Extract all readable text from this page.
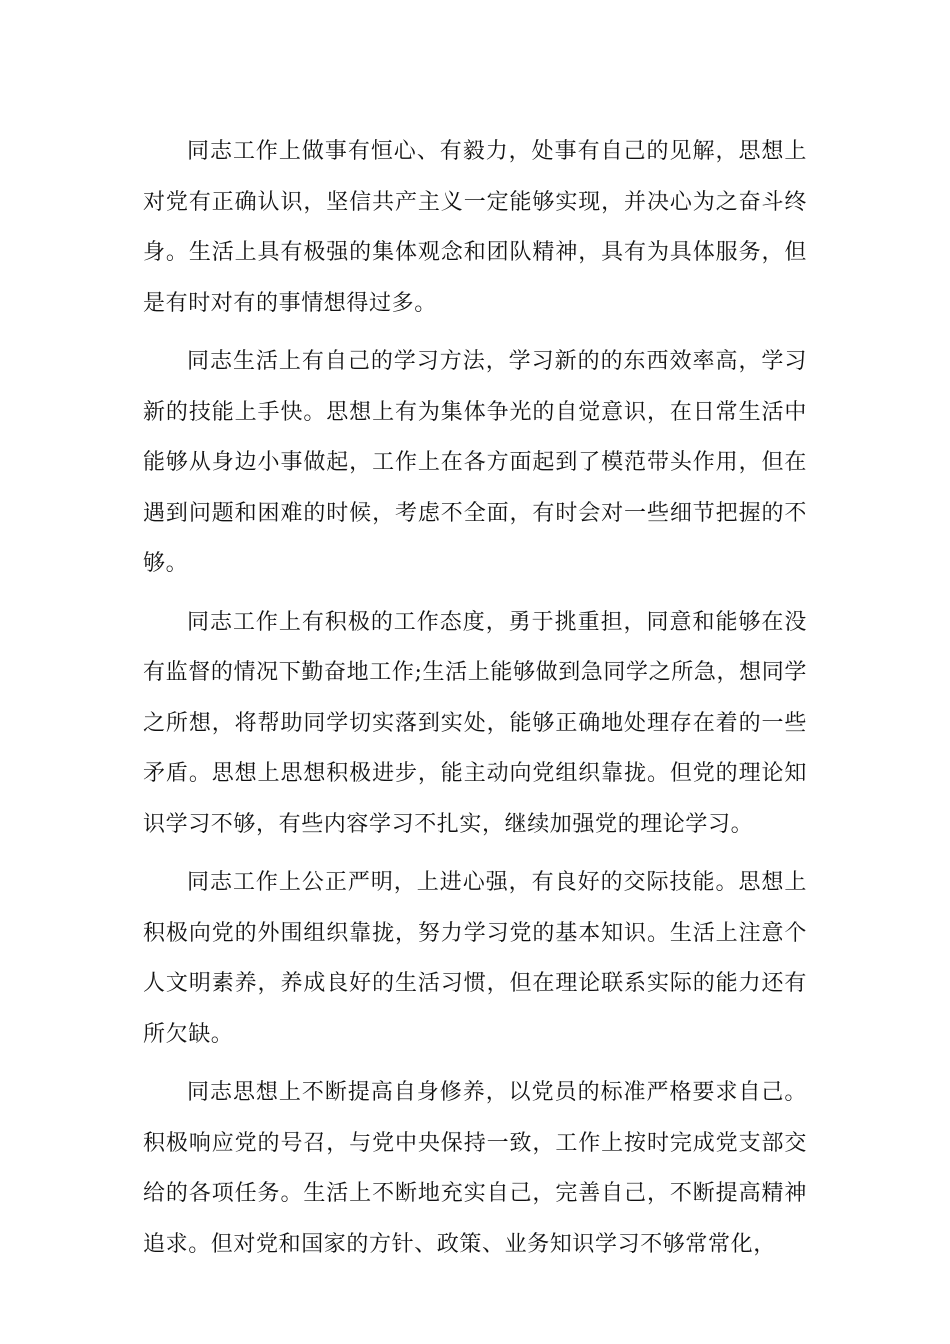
同志工作上做事有恒心、有毅力，处事有自己的见解，思想上对党有正确认识，坚信共产主义一定能够实现，并决心为之奋斗终身。生活上具有极强的集体观念和团队精神，具有为具体服务，但是有时对有的事情想得过多。

同志生活上有自己的学习方法，学习新的的东西效率高，学习新的技能上手快。思想上有为集体争光的自觉意识，在日常生活中能够从身边小事做起，工作上在各方面起到了模范带头作用，但在遇到问题和困难的时候，考虑不全面，有时会对一些细节把握的不够。

同志工作上有积极的工作态度，勇于挑重担，同意和能够在没有监督的情况下勤奋地工作;生活上能够做到急同学之所急，想同学之所想，将帮助同学切实落到实处，能够正确地处理存在着的一些矛盾。思想上思想积极进步，能主动向党组织靠拢。但党的理论知识学习不够，有些内容学习不扎实，继续加强党的理论学习。

同志工作上公正严明，上进心强，有良好的交际技能。思想上积极向党的外围组织靠拢，努力学习党的基本知识。生活上注意个人文明素养，养成良好的生活习惯，但在理论联系实际的能力还有所欠缺。

同志思想上不断提高自身修养，以党员的标准严格要求自己。积极响应党的号召，与党中央保持一致，工作上按时完成党支部交给的各项任务。生活上不断地充实自己，完善自己，不断提高精神追求。但对党和国家的方针、政策、业务知识学习不够常常化，
